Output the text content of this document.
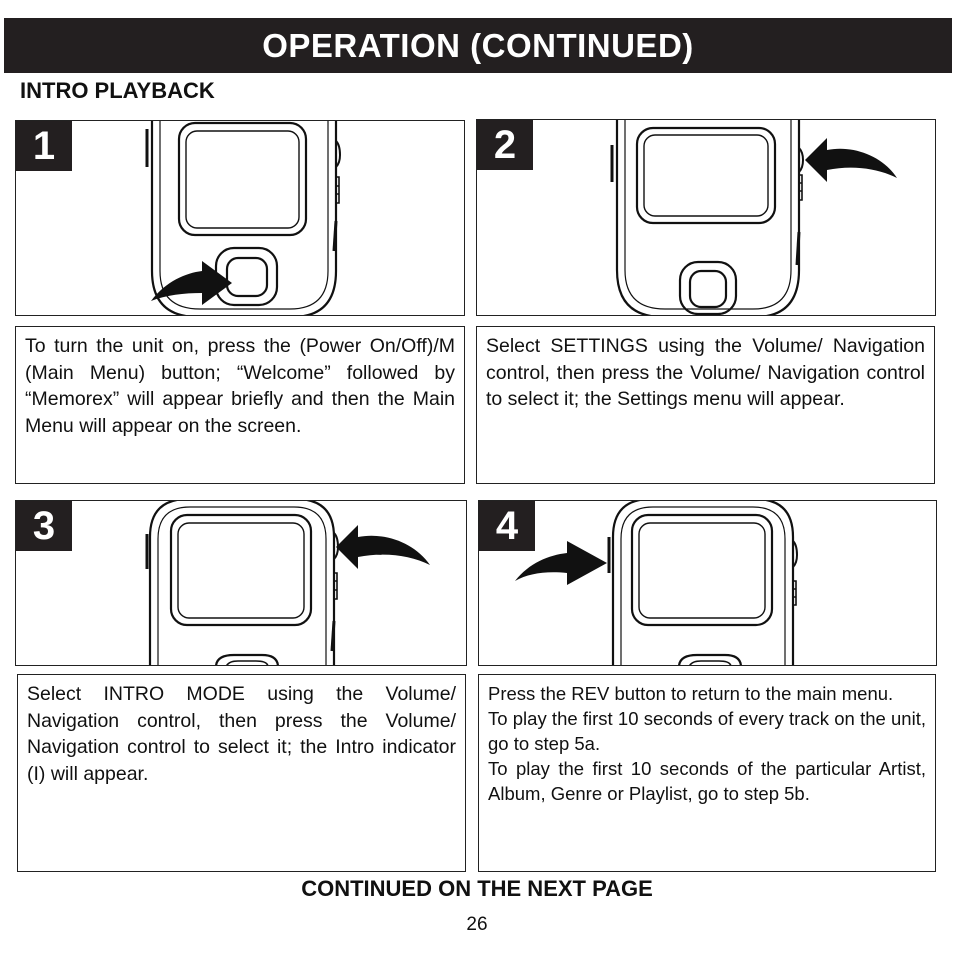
OPERATION (CONTINUED)
INTRO PLAYBACK
1	2

To turn the unit on, press the (Power On/Off)/M (Main Menu) button; “Welcome” followed by “Memorex” will appear briefly and then the Main Menu will appear on the screen.

Select SETTINGS using the Volume/ Navigation control, then press the Volume/ Navigation control to select it; the Settings menu will appear.

3	4

Select INTRO MODE using the Volume/ Navigation control, then press the Volume/ Navigation control to select it; the Intro indicator (I) will appear.

Press the REV button to return to the main menu.

To play the first 10 seconds of every track on the unit, go to step 5a.

To play the first 10 seconds of the particular Artist, Album, Genre or Playlist, go to step 5b.

CONTINUED ON THE NEXT PAGE
26
